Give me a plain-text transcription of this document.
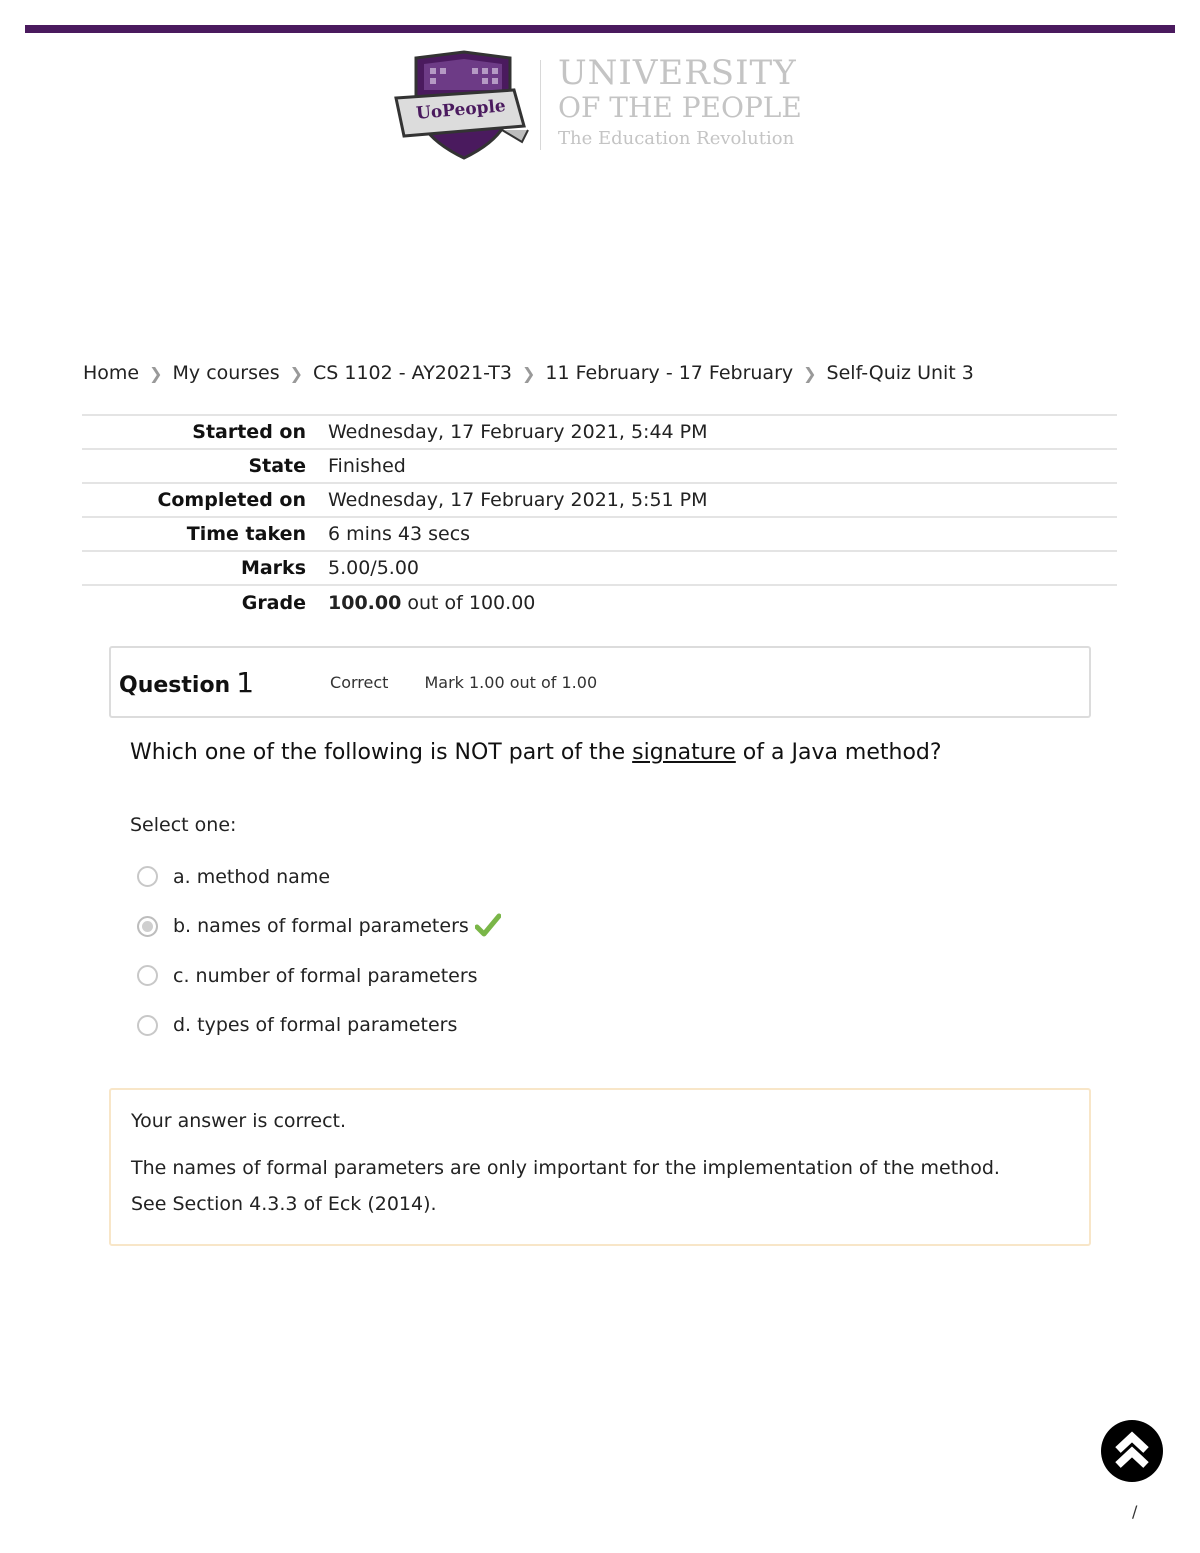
UoPeople
UNIVERSITY
OF THE PEOPLE
The Education Revolution
Home ❯ My courses ❯ CS 1102 - AY2021-T3 ❯ 11 February - 17 February ❯ Self-Quiz Unit 3
Started on	Wednesday, 17 February 2021, 5:44 PM
State	Finished
Completed on	Wednesday, 17 February 2021, 5:51 PM
Time taken	6 mins 43 secs
Marks	5.00/5.00
Grade	100.00 out of 100.00
Question 1	Correct Mark 1.00 out of 1.00
Which one of the following is NOT part of the signature of a Java method?
Select one:
a. method name
b. names of formal parameters
c. number of formal parameters
d. types of formal parameters
Your answer is correct.
The names of formal parameters are only important for the implementation of the method.
See Section 4.3.3 of Eck (2014).
/
